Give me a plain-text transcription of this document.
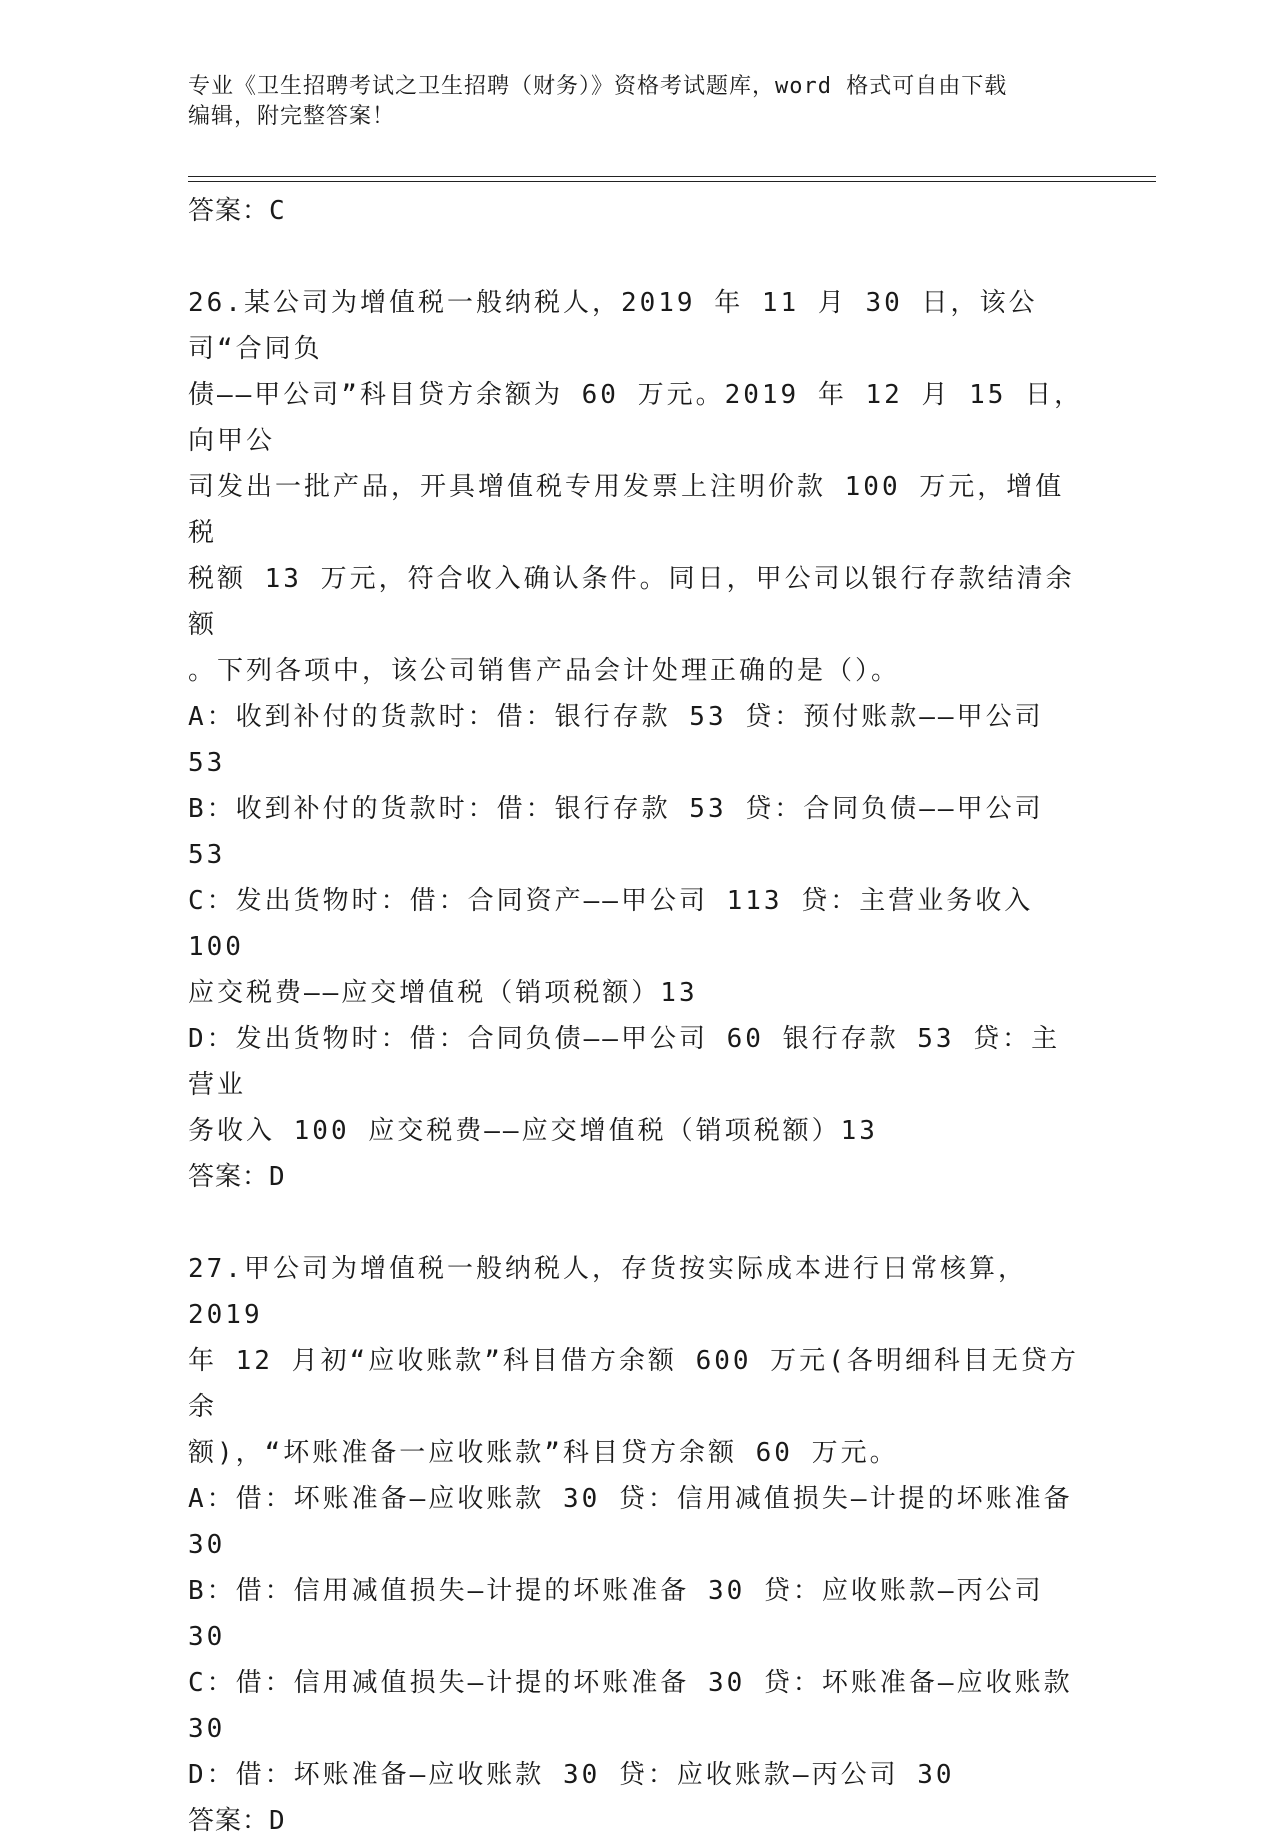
专业《卫生招聘考试之卫生招聘（财务）》资格考试题库，word 格式可自由下载
编辑，附完整答案！

答案：C

26.某公司为增值税一般纳税人，2019 年 11 月 30 日，该公司“合同负

债——甲公司”科目贷方余额为 60 万元。2019 年 12 月 15 日，向甲公

司发出一批产品，开具增值税专用发票上注明价款 100 万元，增值税

税额 13 万元，符合收入确认条件。同日，甲公司以银行存款结清余额

。下列各项中，该公司销售产品会计处理正确的是（）。

A：收到补付的货款时：借：银行存款 53 贷：预付账款——甲公司 53

B：收到补付的货款时：借：银行存款 53 贷：合同负债——甲公司 53

C：发出货物时：借：合同资产——甲公司 113 贷：主营业务收入 100

应交税费——应交增值税（销项税额）13

D：发出货物时：借：合同负债——甲公司 60 银行存款 53 贷：主营业

务收入 100 应交税费——应交增值税（销项税额）13

答案：D

27.甲公司为增值税一般纳税人，存货按实际成本进行日常核算，2019

年 12 月初“应收账款”科目借方余额 600 万元(各明细科目无贷方余

额)，“坏账准备一应收账款”科目贷方余额 60 万元。

A：借：坏账准备—应收账款 30 贷：信用减值损失—计提的坏账准备

30

B：借：信用减值损失—计提的坏账准备 30 贷：应收账款—丙公司 30

C：借：信用减值损失—计提的坏账准备 30 贷：坏账准备—应收账款

30

D：借：坏账准备—应收账款 30 贷：应收账款—丙公司 30

答案：D
